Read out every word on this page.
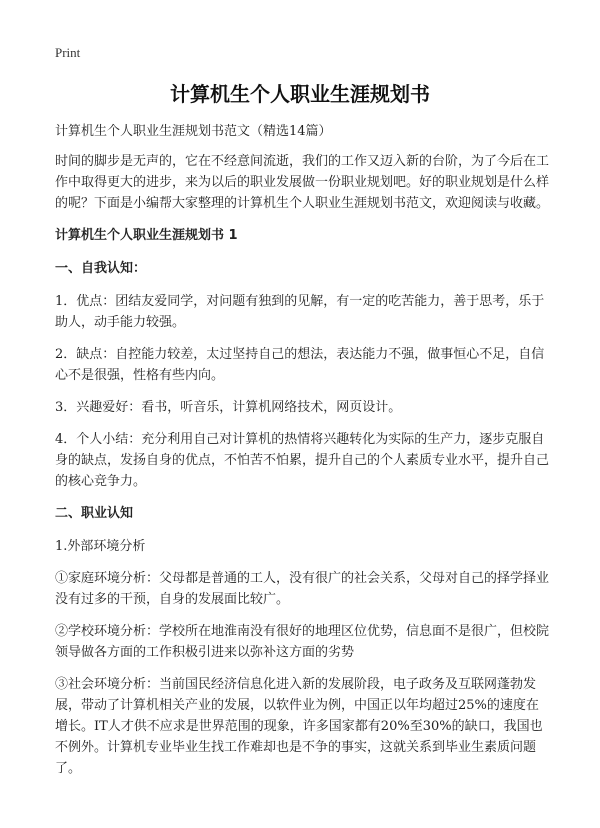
Print
计算机生个人职业生涯规划书

计算机生个人职业生涯规划书范文（精选14篇）

时间的脚步是无声的，它在不经意间流逝，我们的工作又迈入新的台阶，为了今后在工作中取得更大的进步，来为以后的职业发展做一份职业规划吧。好的职业规划是什么样的呢？下面是小编帮大家整理的计算机生个人职业生涯规划书范文，欢迎阅读与收藏。

计算机生个人职业生涯规划书 1

一、自我认知：

1．优点：团结友爱同学，对问题有独到的见解，有一定的吃苦能力，善于思考，乐于助人，动手能力较强。

2．缺点：自控能力较差，太过坚持自己的想法，表达能力不强，做事恒心不足，自信心不是很强，性格有些内向。

3．兴趣爱好：看书，听音乐，计算机网络技术，网页设计。

4．个人小结：充分利用自己对计算机的热情将兴趣转化为实际的生产力，逐步克服自身的缺点，发扬自身的优点，不怕苦不怕累，提升自己的个人素质专业水平，提升自己的核心竞争力。

二、职业认知

1.外部环境分析

①家庭环境分析：父母都是普通的工人，没有很广的社会关系，父母对自己的择学择业没有过多的干预，自身的发展面比较广。

②学校环境分析：学校所在地淮南没有很好的地理区位优势，信息面不是很广，但校院领导做各方面的工作积极引进来以弥补这方面的劣势

③社会环境分析：当前国民经济信息化进入新的发展阶段，电子政务及互联网蓬勃发展，带动了计算机相关产业的发展，以软件业为例，中国正以年均超过25%的速度在增长。IT人才供不应求是世界范围的现象，许多国家都有20%至30%的缺口，我国也不例外。计算机专业毕业生找工作难却也是不争的事实，这就关系到毕业生素质问题了。
